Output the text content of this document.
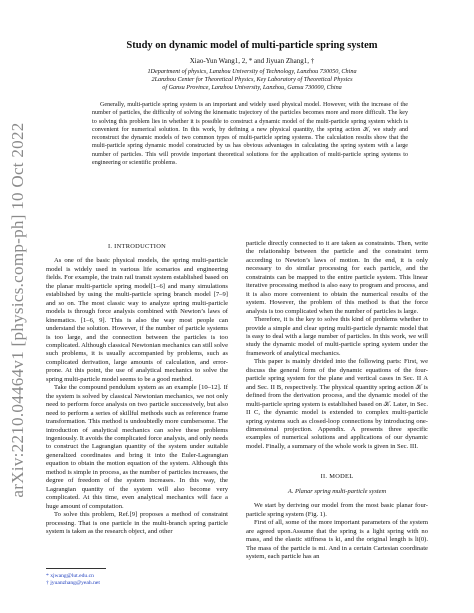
arXiv:2210.04464v1 [physics.comp-ph] 10 Oct 2022
Study on dynamic model of multi-particle spring system
Xiao-Yun Wang1, 2, * and Jiyuan Zhang1, †
1Department of physics, Lanzhou University of Technology, Lanzhou 730050, China
2Lanzhou Center for Theoretical Physics, Key Laboratory of Theoretical Physics
of Gansu Province, Lanzhou University, Lanzhou, Gansu 730000, China

Generally, multi-particle spring system is an important and widely used physical model. However, with the increase of the number of particles, the difficulty of solving the kinematic trajectory of the particles becomes more and more difficult. The key to solving this problem lies in whether it is possible to construct a dynamic model of the multi-particle spring system which is convenient for numerical solution. In this work, by defining a new physical quantity, the spring action 𝒦, we study and reconstruct the dynamic models of two common types of multi-particle spring systems. The calculation results show that the multi-particle spring dynamic model constructed by us has obvious advantages in calculating the spring system with a large number of particles. This will provide important theoretical solutions for the application of multi-particle spring systems to engineering or scientific problems.

I. INTRODUCTION

As one of the basic physical models, the spring multi-particle model is widely used in various life scenarios and engineering fields. For example, the train rail transit system established based on the planar multi-particle spring model[1–6] and many simulations established by using the multi-particle spring branch model [7–9] and so on. The most classic way to analyze spring multi-particle models is through force analysis combined with Newton’s laws of kinematics. [1–6, 9]. This is also the way most people can understand the solution. However, if the number of particle systems is too large, and the connection between the particles is too complicated. Although classical Newtonian mechanics can still solve such problems, it is usually accompanied by problems, such as complicated derivation, large amounts of calculation, and error-prone. At this point, the use of analytical mechanics to solve the spring multi-particle model seems to be a good method.

Take the compound pendulum system as an example [10–12]. If the system is solved by classical Newtonian mechanics, we not only need to perform force analysis on two particle successively, but also need to perform a series of skillful methods such as reference frame transformation. This method is undoubtedly more cumbersome. The introduction of analytical mechanics can solve these problems ingeniously. It avoids the complicated force analysis, and only needs to construct the Lagrangian quantity of the system under suitable generalized coordinates and bring it into the Euler-Lagrangian equation to obtain the motion equation of the system. Although this method is simple in process, as the number of particles increases, the degree of freedom of the system increases. In this way, the Lagrangian quantity of the system will also become very complicated. At this time, even analytical mechanics will face a huge amount of computation.

To solve this problem, Ref.[9] proposes a method of constraint processing. That is one particle in the multi-branch spring particle system is taken as the research object, and other

particle directly connected to it are taken as constraints. Then, write the relationship between the particle and the constraint term according to Newton’s laws of motion. In the end, it is only necessary to do similar processing for each particle, and the constraints can be mapped to the entire particle system. This linear iterative processing method is also easy to program and process, and it is also more convenient to obtain the numerical results of the system. However, the problem of this method is that the force analysis is too complicated when the number of particles is large.

Therefore, it is the key to solve this kind of problems whether to provide a simple and clear spring multi-particle dynamic model that is easy to deal with a large number of particles. In this work, we will study the dynamic model of multi-particle spring system under the framework of analytical mechanics.

This paper is mainly divided into the following parts: First, we discuss the general form of the dynamic equations of the four-particle spring system for the plane and vertical cases in Sec. II A and Sec. II B, respectively. The physical quantity spring action 𝒦 is defined from the derivation process, and the dynamic model of the multi-particle spring system is established based on 𝒦. Later, in Sec. II C, the dynamic model is extended to complex multi-particle spring systems such as closed-loop connections by introducing one-dimensional projection. Appendix. A presents three specific examples of numerical solutions and applications of our dynamic model. Finally, a summary of the whole work is given in Sec. III.

II. MODEL
A. Planar spring multi-particle system

We start by deriving our model from the most basic planar four-particle spring system (Fig. 1).

First of all, some of the more important parameters of the system are agreed upon.Assume that the spring is a light spring with no mass, and the elastic stiffness is ki, and the original length is li(0). The mass of the particle is mi. And in a certain Cartesian coordinate system, each particle has an

* xjwang@lut.edu.cn
† jyuanzhang@yeah.net
